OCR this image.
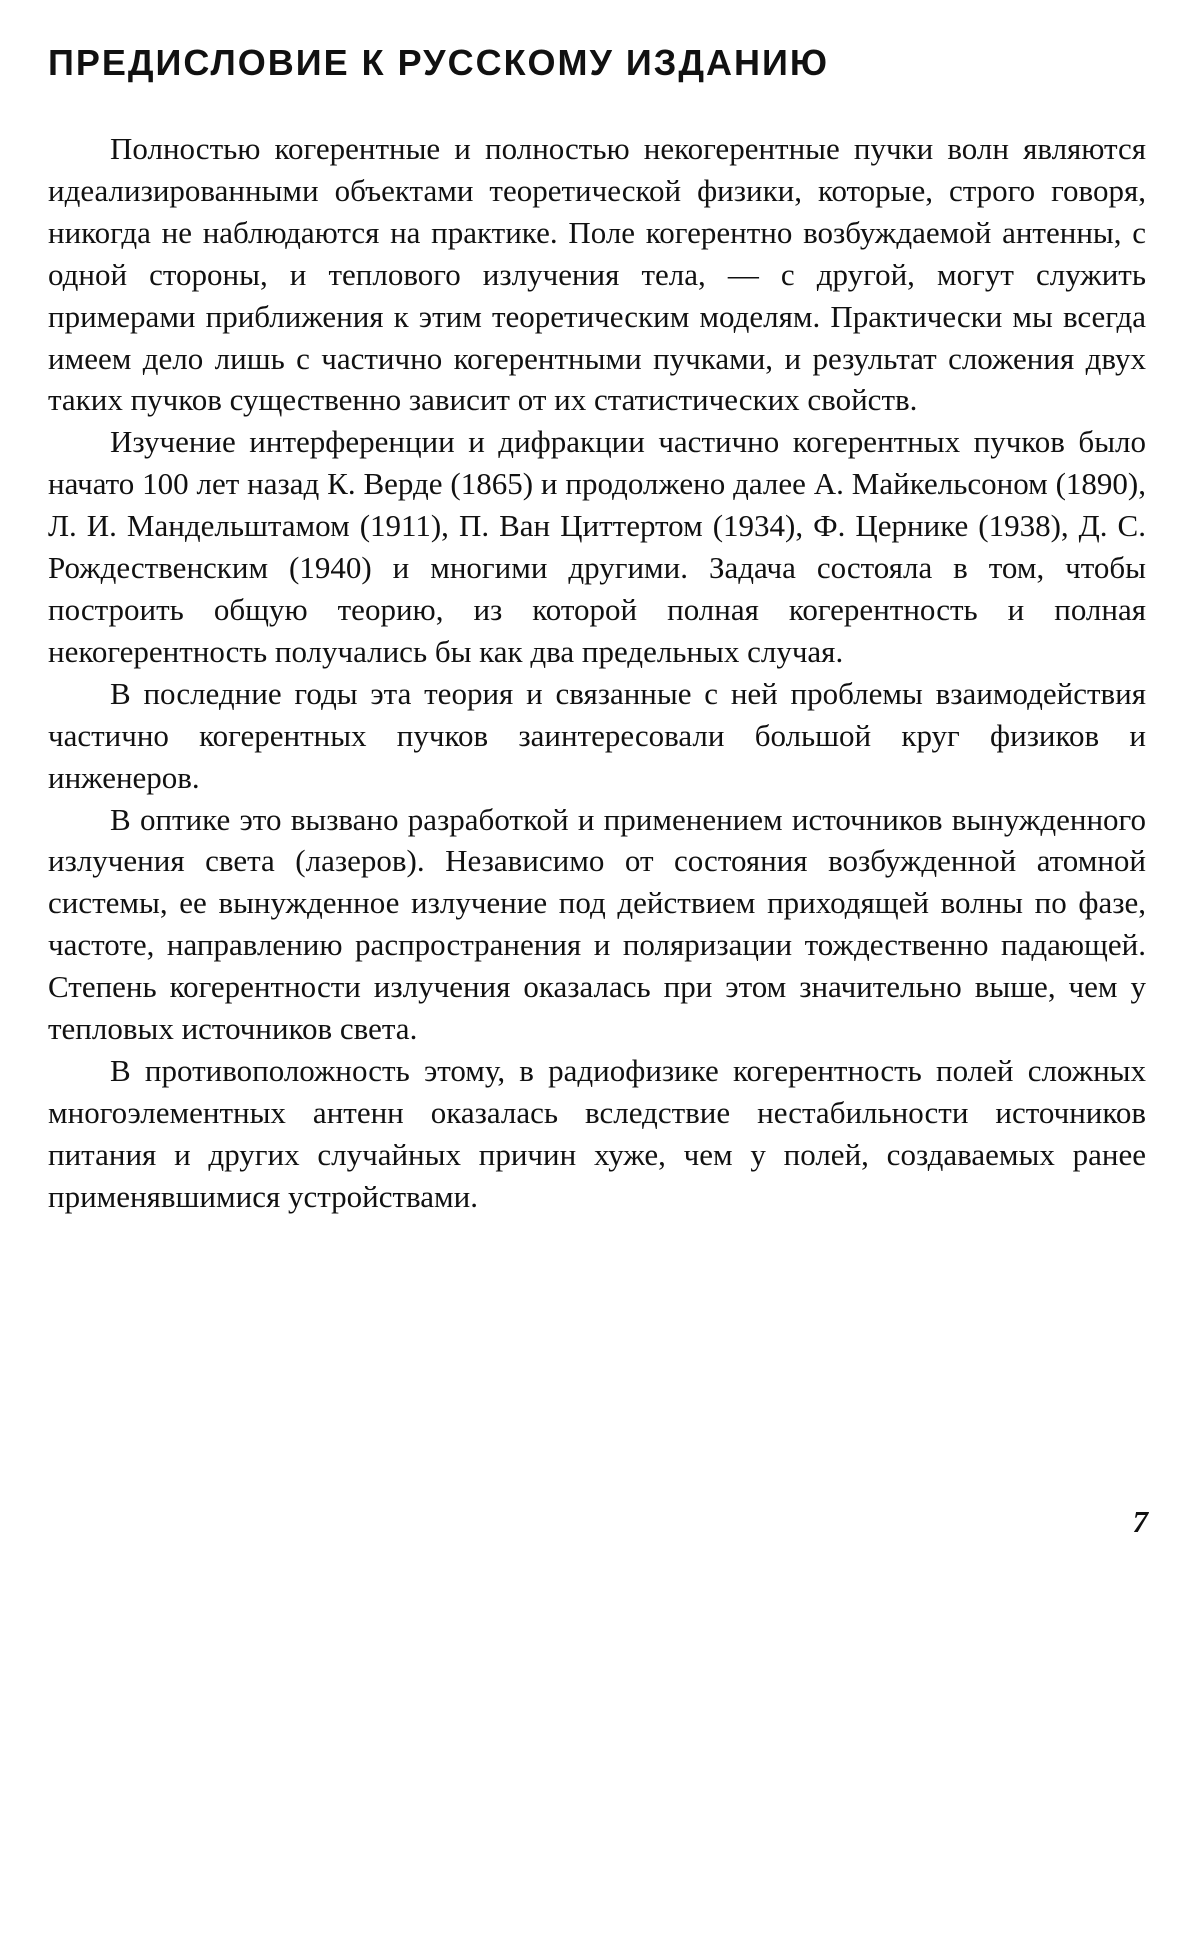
ПРЕДИСЛОВИЕ К РУССКОМУ ИЗДАНИЮ

Полностью когерентные и полностью некогерентные пучки волн являются идеализированными объектами теоретической физики, которые, строго говоря, никогда не наблюдаются на практике. Поле когерентно возбуждаемой антенны, с одной стороны, и теплового излучения тела, — с другой, могут служить примерами приближения к этим теоретическим моделям. Практически мы всегда имеем дело лишь с частично когерентными пучками, и результат сложения двух таких пучков существенно зависит от их статистических свойств.

Изучение интерференции и дифракции частично когерентных пучков было начато 100 лет назад К. Верде (1865) и продолжено далее А. Майкельсоном (1890), Л. И. Мандельштамом (1911), П. Ван Циттертом (1934), Ф. Цернике (1938), Д. С. Рождественским (1940) и многими другими. Задача состояла в том, чтобы построить общую теорию, из которой полная когерентность и полная некогерентность получались бы как два предельных случая.

В последние годы эта теория и связанные с ней проблемы взаимодействия частично когерентных пучков заинтересовали большой круг физиков и инженеров.

В оптике это вызвано разработкой и применением источников вынужденного излучения света (лазеров). Независимо от состояния возбужденной атомной системы, ее вынужденное излучение под действием приходящей волны по фазе, частоте, направлению распространения и поляризации тождественно падающей. Степень когерентности излучения оказалась при этом значительно выше, чем у тепловых источников света.

В противоположность этому, в радиофизике когерентность полей сложных многоэлементных антенн оказалась вследствие нестабильности источников питания и других случайных причин хуже, чем у полей, создаваемых ранее применявшимися устройствами.

7
